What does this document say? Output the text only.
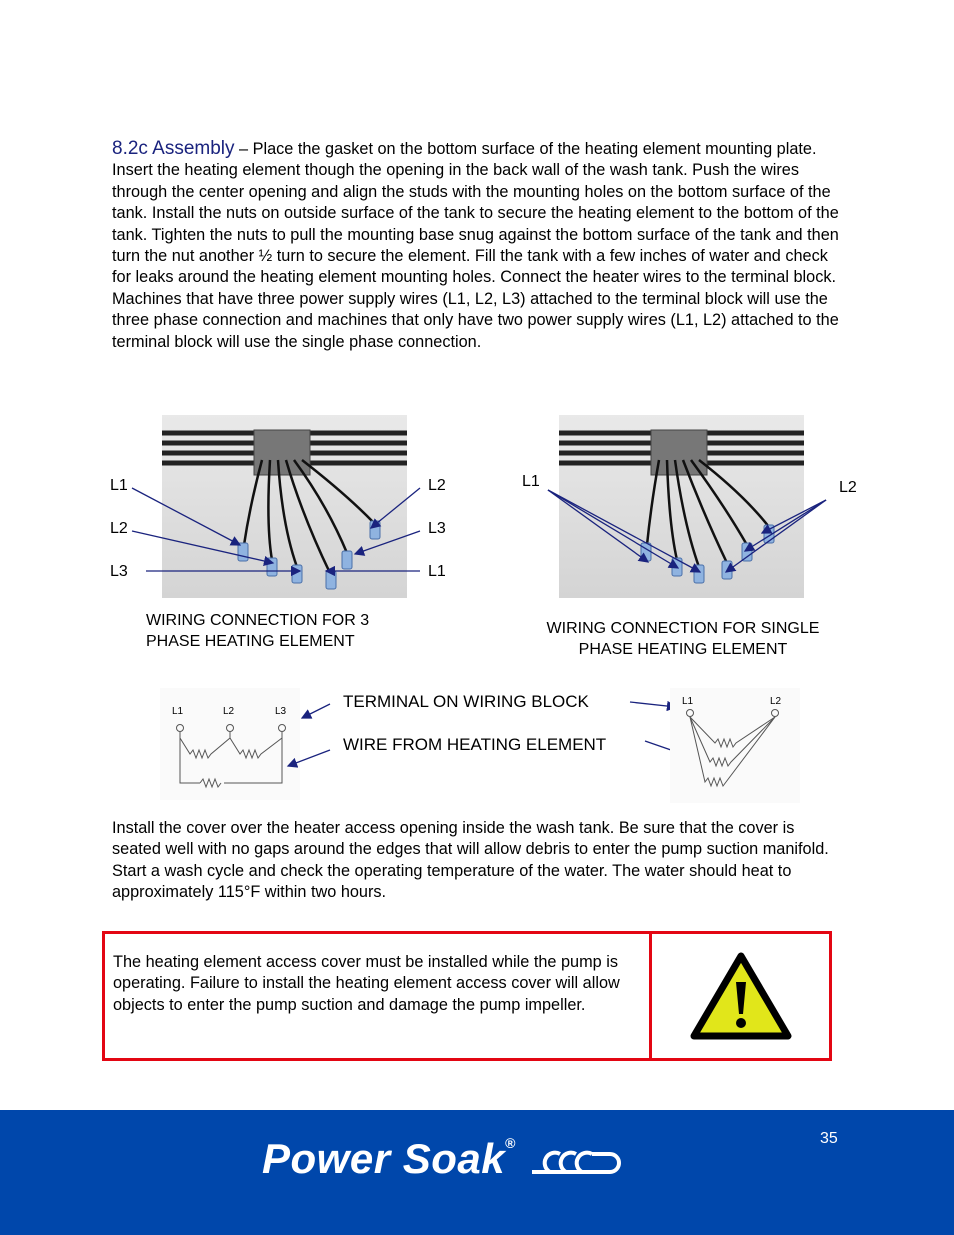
8.2c Assembly – Place the gasket on the bottom surface of the heating element mounting plate. Insert the heating element though the opening in the back wall of the wash tank. Push the wires through the center opening and align the studs with the mounting holes on the bottom surface of the tank. Install the nuts on outside surface of the tank to secure the heating element to the bottom of the tank. Tighten the nuts to pull the mounting base snug against the bottom surface of the tank and then turn the nut another ½ turn to secure the element. Fill the tank with a few inches of water and check for leaks around the heating element mounting holes. Connect the heater wires to the terminal block. Machines that have three power supply wires (L1, L2, L3) attached to the terminal block will use the three phase connection and machines that only have two power supply wires (L1, L2) attached to the terminal block will use the single phase connection.
L1
L2
L3
L2
L3
L1
WIRING CONNECTION FOR 3
PHASE HEATING ELEMENT
L1	L2
WIRING CONNECTION FOR SINGLE
PHASE HEATING ELEMENT
L1	L2	L3
TERMINAL ON WIRING BLOCK
WIRE FROM HEATING ELEMENT
L1	L2
Install the cover over the heater access opening inside the wash tank. Be sure that the cover is seated well with no gaps around the edges that will allow debris to enter the pump suction manifold. Start a wash cycle and check the operating temperature of the water. The water should heat to approximately 115°F within two hours.
The heating element access cover must be installed while the pump is operating. Failure to install the heating element access cover will allow objects to enter the pump suction and damage the pump impeller.
35
Power Soak®
